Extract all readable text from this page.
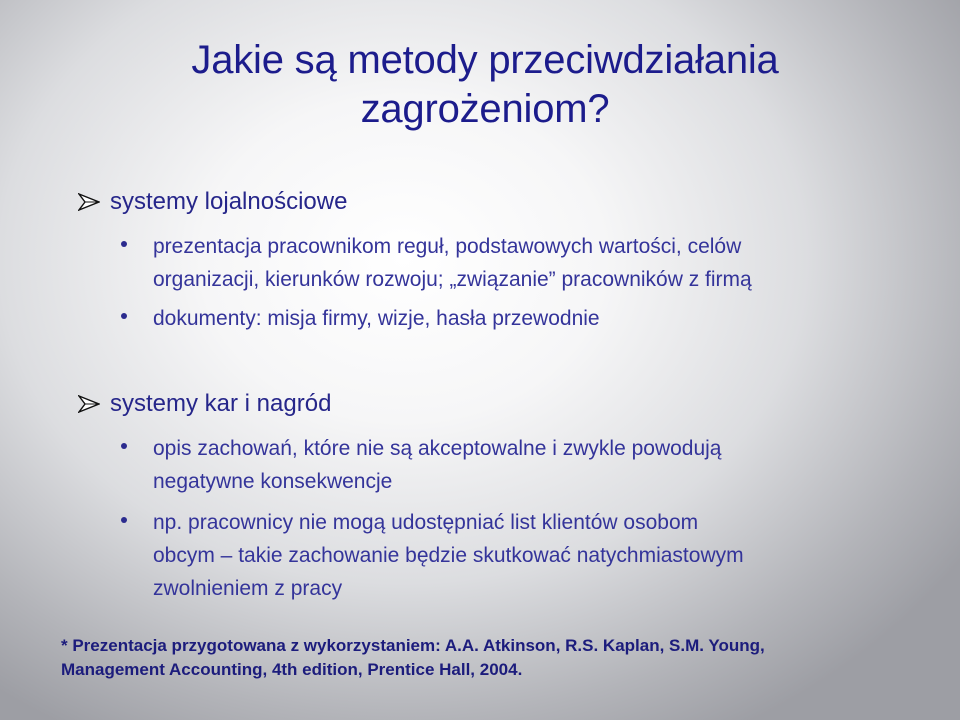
Jakie są metody przeciwdziałania
zagrożeniom?
systemy lojalnościowe
prezentacja pracownikom reguł, podstawowych wartości, celów
organizacji, kierunków rozwoju; „związanie” pracowników z firmą
dokumenty: misja firmy, wizje, hasła przewodnie
systemy kar i nagród
opis zachowań, które nie są akceptowalne i zwykle powodują
negatywne konsekwencje
np. pracownicy nie mogą udostępniać list klientów osobom
obcym – takie zachowanie będzie skutkować natychmiastowym
zwolnieniem z pracy
* Prezentacja przygotowana z wykorzystaniem: A.A. Atkinson, R.S. Kaplan, S.M. Young,
Management Accounting, 4th edition, Prentice Hall, 2004.
